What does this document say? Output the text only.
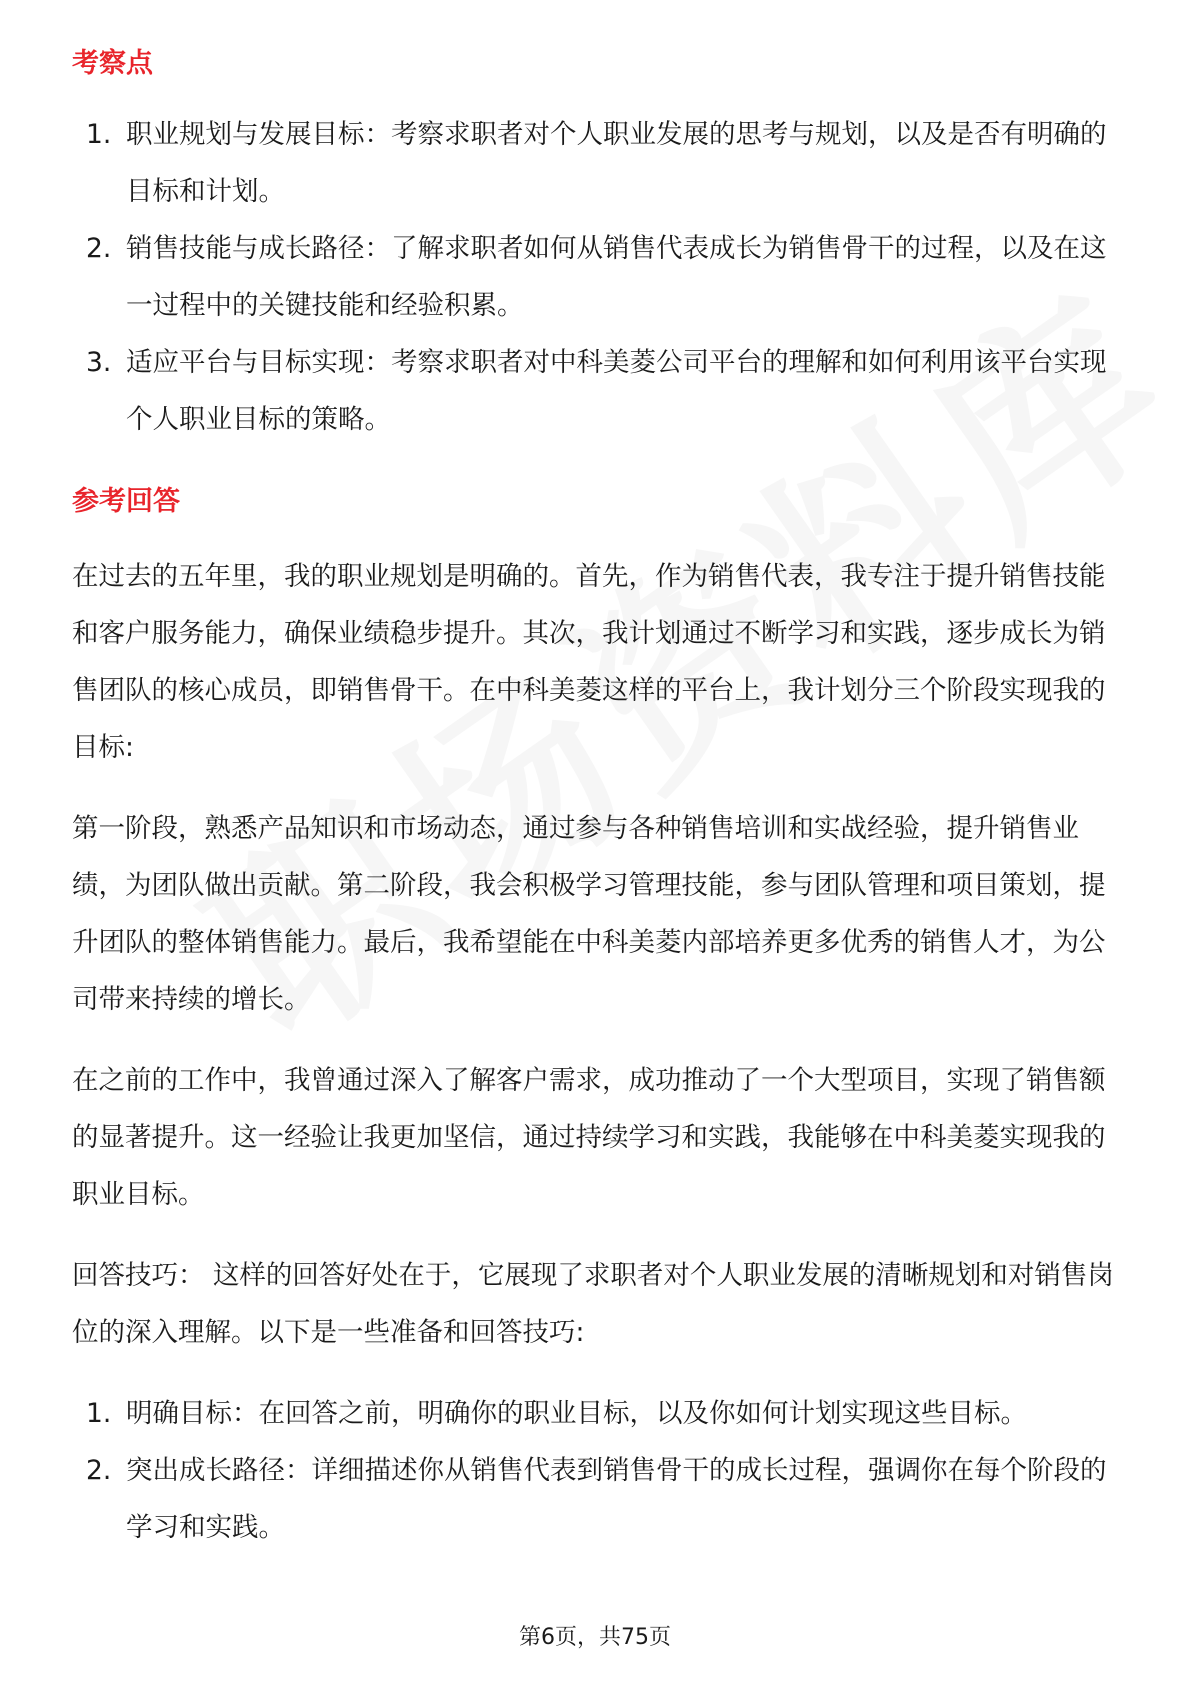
考察点
1. 职业规划与发展目标：考察求职者对个人职业发展的思考与规划，以及是否有明确的目标和计划。
2. 销售技能与成长路径：了解求职者如何从销售代表成长为销售骨干的过程，以及在这一过程中的关键技能和经验积累。
3. 适应平台与目标实现：考察求职者对中科美菱公司平台的理解和如何利用该平台实现个人职业目标的策略。
参考回答

在过去的五年里，我的职业规划是明确的。首先，作为销售代表，我专注于提升销售技能和客户服务能力，确保业绩稳步提升。其次，我计划通过不断学习和实践，逐步成长为销售团队的核心成员，即销售骨干。在中科美菱这样的平台上，我计划分三个阶段实现我的目标:

第一阶段，熟悉产品知识和市场动态，通过参与各种销售培训和实战经验，提升销售业绩，为团队做出贡献。第二阶段，我会积极学习管理技能，参与团队管理和项目策划，提升团队的整体销售能力。最后，我希望能在中科美菱内部培养更多优秀的销售人才，为公司带来持续的增长。

在之前的工作中，我曾通过深入了解客户需求，成功推动了一个大型项目，实现了销售额的显著提升。这一经验让我更加坚信，通过持续学习和实践，我能够在中科美菱实现我的职业目标。

回答技巧： 这样的回答好处在于，它展现了求职者对个人职业发展的清晰规划和对销售岗位的深入理解。以下是一些准备和回答技巧:

1. 明确目标：在回答之前，明确你的职业目标，以及你如何计划实现这些目标。
2. 突出成长路径：详细描述你从销售代表到销售骨干的成长过程，强调你在每个阶段的学习和实践。
第6页，共75页
